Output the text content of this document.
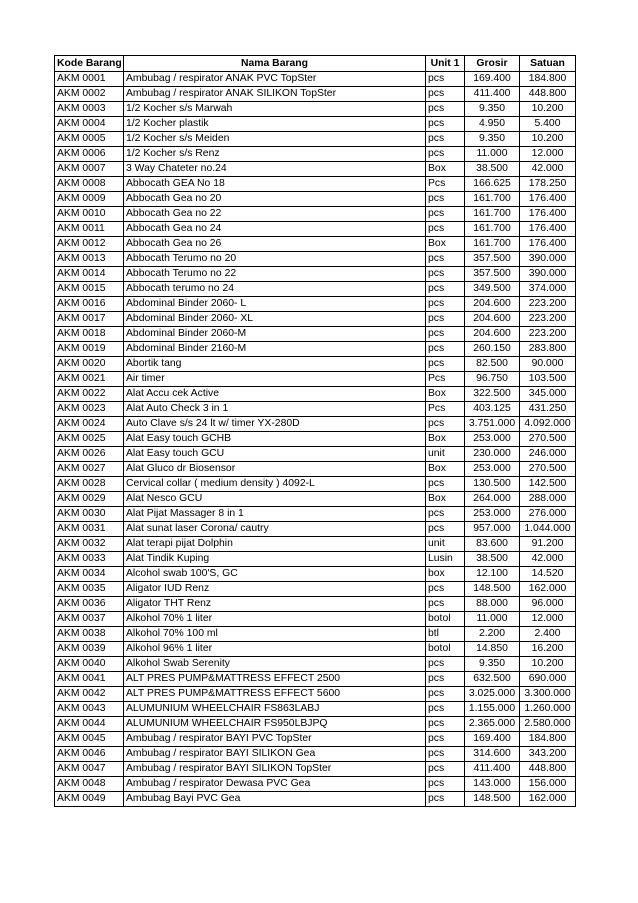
Kode Barang	Nama Barang	Unit 1	Grosir	Satuan
AKM 0001	Ambubag / respirator ANAK PVC TopSter	pcs	169.400	184.800
AKM 0002	Ambubag / respirator ANAK SILIKON TopSter	pcs	411.400	448.800
AKM 0003	1/2 Kocher s/s Marwah	pcs	9.350	10.200
AKM 0004	1/2 Kocher plastik	pcs	4.950	5.400
AKM 0005	1/2 Kocher s/s Meiden	pcs	9.350	10.200
AKM 0006	1/2 Kocher s/s Renz	pcs	11.000	12.000
AKM 0007	3 Way Chateter no.24	Box	38.500	42.000
AKM 0008	Abbocath GEA No 18	Pcs	166.625	178.250
AKM 0009	Abbocath Gea no 20	pcs	161.700	176.400
AKM 0010	Abbocath Gea no 22	pcs	161.700	176.400
AKM 0011	Abbocath Gea no 24	pcs	161.700	176.400
AKM 0012	Abbocath Gea no 26	Box	161.700	176.400
AKM 0013	Abbocath Terumo no 20	pcs	357.500	390.000
AKM 0014	Abbocath Terumo no 22	pcs	357.500	390.000
AKM 0015	Abbocath terumo no 24	pcs	349.500	374.000
AKM 0016	Abdominal Binder 2060- L	pcs	204.600	223.200
AKM 0017	Abdominal Binder 2060- XL	pcs	204.600	223.200
AKM 0018	Abdominal Binder 2060-M	pcs	204.600	223.200
AKM 0019	Abdominal Binder 2160-M	pcs	260.150	283.800
AKM 0020	Abortik tang	pcs	82.500	90.000
AKM 0021	Air timer	Pcs	96.750	103.500
AKM 0022	Alat Accu cek Active	Box	322.500	345.000
AKM 0023	Alat Auto Check 3 in 1	Pcs	403.125	431.250
AKM 0024	Auto Clave s/s 24 lt w/ timer YX-280D	pcs	3.751.000	4.092.000
AKM 0025	Alat Easy touch GCHB	Box	253.000	270.500
AKM 0026	Alat Easy touch GCU	unit	230.000	246.000
AKM 0027	Alat Gluco dr Biosensor	Box	253.000	270.500
AKM 0028	Cervical collar ( medium density ) 4092-L	pcs	130.500	142.500
AKM 0029	Alat Nesco GCU	Box	264.000	288.000
AKM 0030	Alat Pijat Massager 8 in 1	pcs	253.000	276.000
AKM 0031	Alat sunat laser Corona/ cautry	pcs	957.000	1.044.000
AKM 0032	Alat terapi pijat Dolphin	unit	83.600	91.200
AKM 0033	Alat Tindik Kuping	Lusin	38.500	42.000
AKM 0034	Alcohol swab 100'S, GC	box	12.100	14.520
AKM 0035	Aligator IUD Renz	pcs	148.500	162.000
AKM 0036	Aligator THT Renz	pcs	88.000	96.000
AKM 0037	Alkohol 70% 1 liter	botol	11.000	12.000
AKM 0038	Alkohol 70% 100 ml	btl	2.200	2.400
AKM 0039	Alkohol 96% 1 liter	botol	14.850	16.200
AKM 0040	Alkohol Swab Serenity	pcs	9.350	10.200
AKM 0041	ALT PRES PUMP&MATTRESS EFFECT 2500	pcs	632.500	690.000
AKM 0042	ALT PRES PUMP&MATTRESS EFFECT 5600	pcs	3.025.000	3.300.000
AKM 0043	ALUMUNIUM WHEELCHAIR FS863LABJ	pcs	1.155.000	1.260.000
AKM 0044	ALUMUNIUM WHEELCHAIR FS950LBJPQ	pcs	2.365.000	2.580.000
AKM 0045	Ambubag / respirator BAYI PVC TopSter	pcs	169.400	184.800
AKM 0046	Ambubag / respirator BAYI SILIKON Gea	pcs	314.600	343.200
AKM 0047	Ambubag / respirator BAYI SILIKON TopSter	pcs	411.400	448.800
AKM 0048	Ambubag / respirator Dewasa PVC Gea	pcs	143.000	156.000
AKM 0049	Ambubag Bayi PVC Gea	pcs	148.500	162.000
